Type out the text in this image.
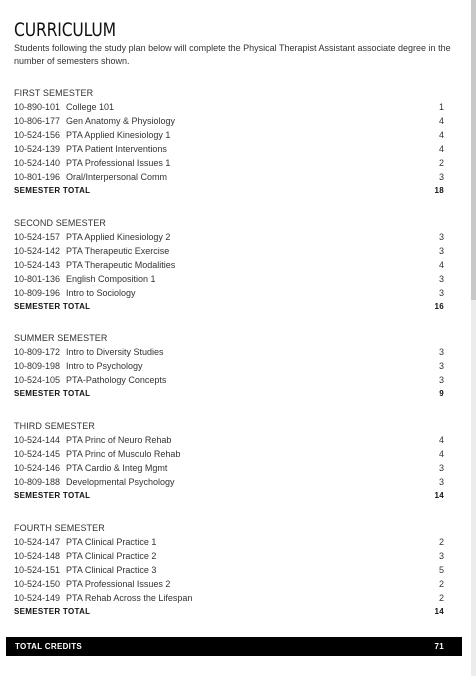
CURRICULUM
Students following the study plan below will complete the Physical Therapist Assistant associate degree in the number of semesters shown.
FIRST SEMESTER
10-890-101 College 101	1
10-806-177 Gen Anatomy & Physiology	4
10-524-156 PTA Applied Kinesiology 1	4
10-524-139 PTA Patient Interventions	4
10-524-140 PTA Professional Issues 1	2
10-801-196 Oral/Interpersonal Comm	3
SEMESTER TOTAL	18
SECOND SEMESTER
10-524-157 PTA Applied Kinesiology 2	3
10-524-142 PTA Therapeutic Exercise	3
10-524-143 PTA Therapeutic Modalities	4
10-801-136 English Composition 1	3
10-809-196 Intro to Sociology	3
SEMESTER TOTAL	16
SUMMER SEMESTER
10-809-172 Intro to Diversity Studies	3
10-809-198 Intro to Psychology	3
10-524-105 PTA-Pathology Concepts	3
SEMESTER TOTAL	9
THIRD SEMESTER
10-524-144 PTA Princ of Neuro Rehab	4
10-524-145 PTA Princ of Musculo Rehab	4
10-524-146 PTA Cardio & Integ Mgmt	3
10-809-188 Developmental Psychology	3
SEMESTER TOTAL	14
FOURTH SEMESTER
10-524-147 PTA Clinical Practice 1	2
10-524-148 PTA Clinical Practice 2	3
10-524-151 PTA Clinical Practice 3	5
10-524-150 PTA Professional Issues 2	2
10-524-149 PTA Rehab Across the Lifespan	2
SEMESTER TOTAL	14
TOTAL CREDITS	71
